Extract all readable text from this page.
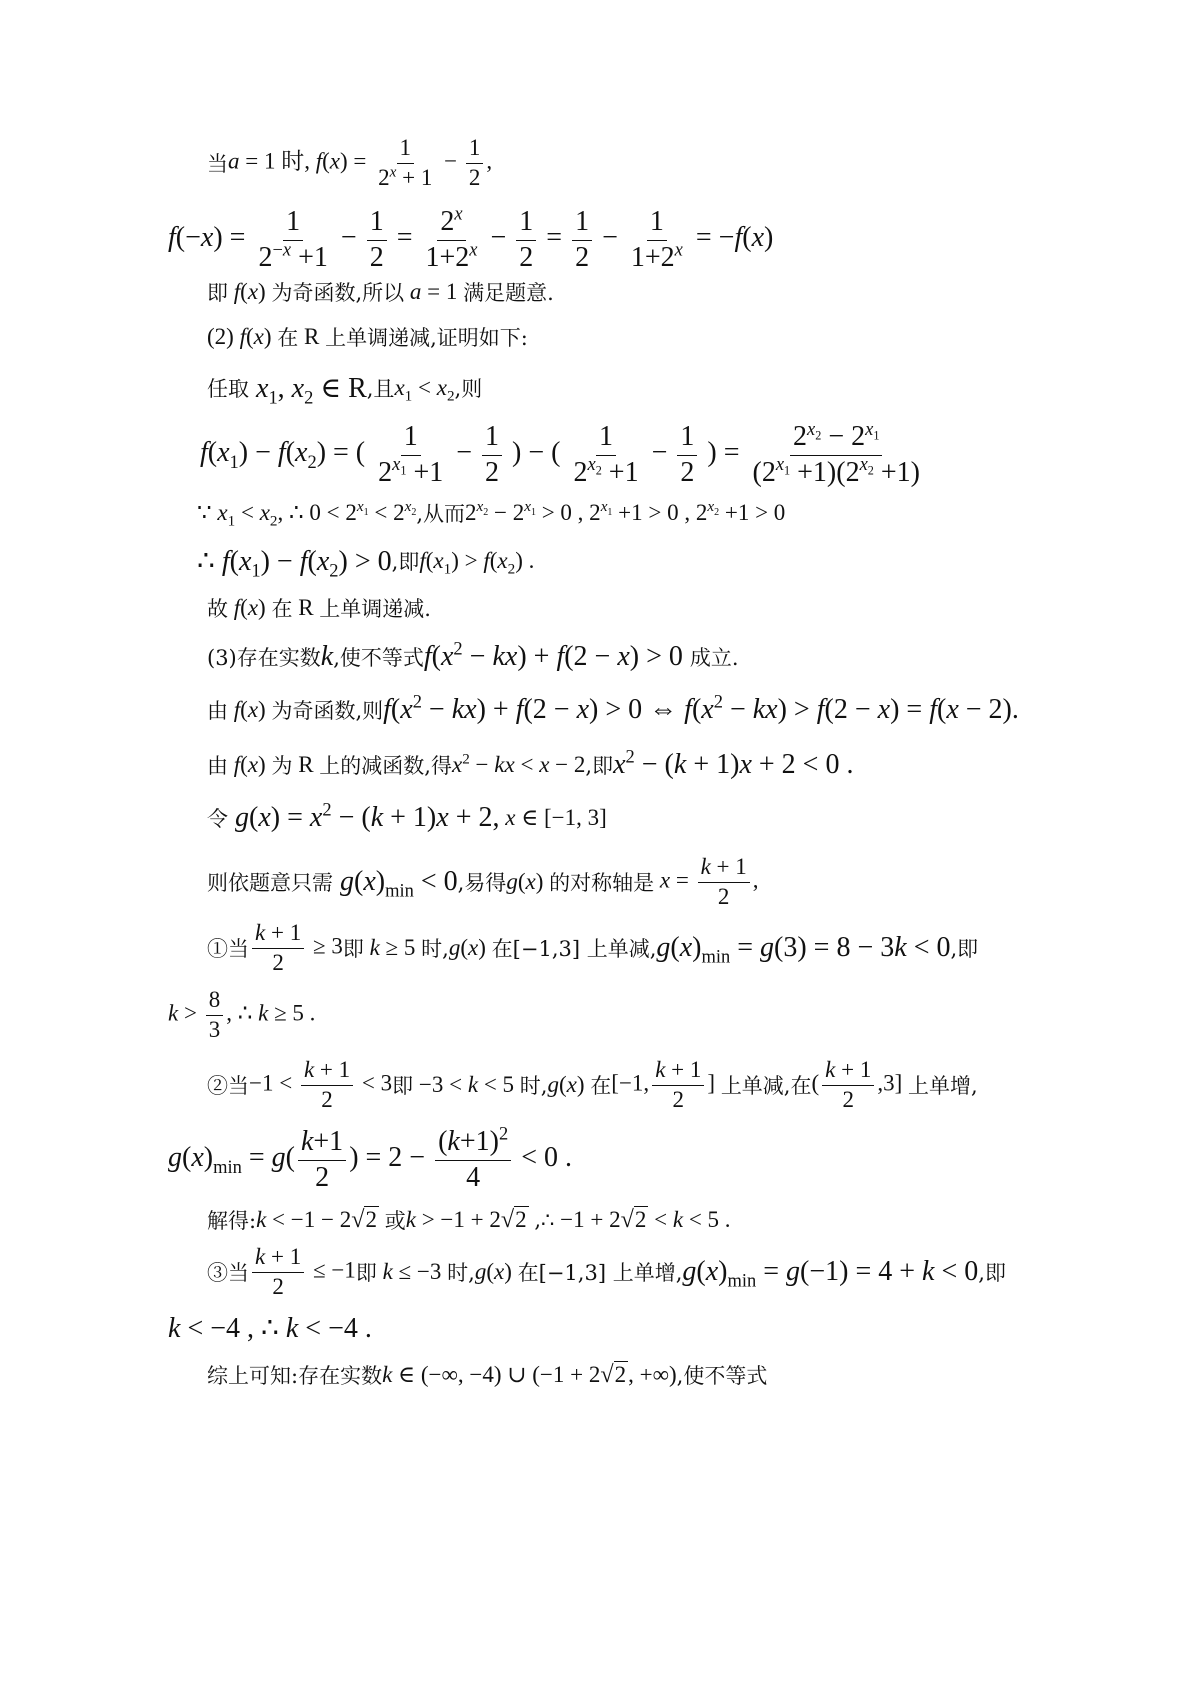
当 a = 1 时, $f(x) = \frac{1}{2^x + 1} - \frac{1}{2}$ ,
$f(-x) = \frac{1}{2^{-x} +1} - \frac{1}{2} = \frac{2^x}{1+2^x} - \frac{1}{2} = \frac{1}{2} - \frac{1}{1+2^x} = -f(x)$
即 f(x) 为奇函数,所以 a = 1 满足题意.
(2) f(x) 在 R 上单调递减,证明如下:
任取 $x_1$, $x_2$ ∈ R ,且 $x_1 < x_2$ ,则
$f(x_1) - f(x_2)$ = ( $\frac{1}{2^{x_1} +1} - \frac{1}{2}$ ) − ( $\frac{1}{2^{x_2} +1} - \frac{1}{2}$ ) = $\frac{2^{x_2} - 2^{x_1}}{(2^{x_1} +1)(2^{x_2} +1)}$
∵ $x_1 < x_2$, ∴ $0 < 2^{x_1} < 2^{x_2}$ ,从而 $2^{x_2} - 2^{x_1} > 0$ , $2^{x_1} +1 > 0$ , $2^{x_2} +1 > 0$
∴ $f(x_1) - f(x_2) > 0$ ,即 $f(x_1) > f(x_2)$ .
故 f(x) 在 R 上单调递减.
(3)存在实数 k ,使不等式 $f(x^2 - kx) + f(2 - x) > 0$ 成立.
由 f(x) 为奇函数,则 $f(x^2 - kx) + f(2 - x) > 0$ ⇔ $f(x^2 - kx) > f(2 - x) = f(x - 2)$.
由 f(x) 为 R 上的减函数,得 $x^2$ − kx < x − 2 ,即 $x^2 - (k + 1)x + 2 < 0$ .
令 $g(x) = x^2 - (k + 1)x + 2$, x ∈ [−1, 3]
则依题意只需 $g(x)_{min} < 0$ ,易得 g(x) 的对称轴是 $x = \frac{k + 1}{2}$ ,
①当 $\frac{k + 1}{2} \ge 3$ 即 k ≥ 5 时, g(x) 在[−1,3] 上单减, $g(x)_{min} = g(3) = 8 - 3k < 0$ ,即
$k > \frac{8}{3}$ , ∴ k ≥ 5 .
②当 $-1 < \frac{k + 1}{2} < 3$ 即 −3 < k < 5 时, g(x) 在 [−1, $\frac{k + 1}{2}$ ] 上单减,在 ( $\frac{k + 1}{2} ,3$] 上单增,
$g(x)_{min} = g( \frac{k+1}{2}$ ) = $2 - \frac{(k+1)^2}{4} < 0$ .
解得: k < −1 − 2√2 或 k > −1 + 2√2 ,∴ −1 + 2√2 < k < 5 .
③当 $\frac{k + 1}{2} \le -1$ 即 k ≤ −3 时, g(x) 在[−1,3] 上单增, $g(x)_{min} = g(-1) = 4 + k < 0$ ,即
k < −4 , ∴ k < −4 .
综上可知:存在实数 k ∈ (−∞, −4) ∪ (−1 + 2√2, +∞) ,使不等式
